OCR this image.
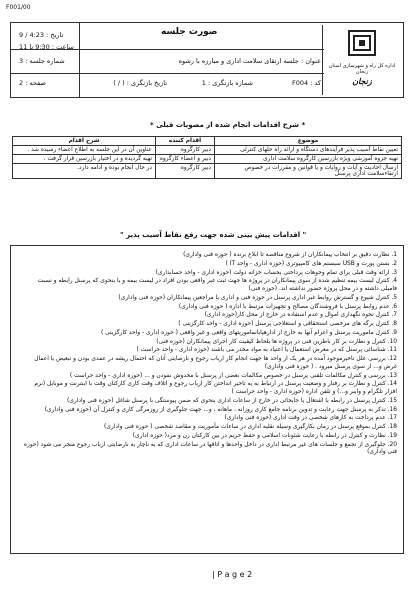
F001/00
اداره کل راه و شهرسازی استان زنجان
زنجان
صورت جلسه
تاریخ : 4:23 / 9
ساعت : 9:30 تا 11
شماره جلسه : 3
صفحه : 2
عنوان : جلسه ارتقای سلامت اداری و مبارزه با رشوه
کد : F004
شماره بازنگری : 1
تاریخ بازنگری : ( / )
* شرح اقدامات انجام شده از مصوبات قبلی *
موضوع	اقدام کننده	شرح اقدام
تعیین نقاط آسیب پذیر فرآیندهای دستگاه و ارائه راه حلهای کنترلی	دبیر کارگروه	عناوین آن در این جلسه به اطلاع اعضاء رسیده شد .
تهیه جزوه آموزشی ویژه بازرسین کارگروه سلامت اداری	دبیر و اعضاء کارگروه	تهیه گردیده و در اختیار بازرسین قرار گرفت .
ارسال احادیث و آیات و روایات و یا قوانین و مقررات در خصوص ارتقاءسلامت اداری پرسنل	دبیر کارگروه	در حال انجام بوده و ادامه دارد.
" اقدامات پیش بینی شده جهت رفع نقاط آسیب پذیر "
1. نظارت دقیق بر انتخاب پیمانکاران از شروع مناقصه تا ابلاغ برنده ( حوزه فنی واداری)
2. بستن پورت و USB سیستم های کامپیوتری (حوزه اداری - واحد IT )
3. ارائه وقت قبلی برای تمام وجوهات پرداختی بحساب خزانه دولت (حوزه اداری - واحد حسابداری)
4. کنترل لیست بیمه تنظیم شده از سوی پیمانکاران در پروژه ها جهت ثبت غیر واقعی بودن افراد در لیست بیمه و یا بنحوی که پرسنل رابطه و نسبت فامیلی داشته و در محل پروژه حضور نداشته اند. (حوزه فنی)
5. کنترل شیوع و گسترش روابط غیر اداری پرسنل در حوزه فنی و اداری با مراجعین پیمانکاران (حوزه فنی واداری)
6. عدم روابط پرسنل با فروشندگان مصالح و تجهیزات مرتبط با اداره ( حوزه فنی واداری)
7. کنترل نحوه نگهداری اموال و عدم استفاده در خارج از محل کار(حوزه اداری)
8. کنترل برگه های مرخصی استحقاقی و استعلاجی پرسنل (حوزه اداری - واحد کارگزینی )
9. کنترل ماموریت پرسنل و اعزام آنها به خارج از ادارهپایانماموریتهای واقعی و غیر واقعی ( حوزه اداری - واحد کارگزینی )
10. کنترل و نظارت بر کار ناظرین فنی در پروژه ها بلحاظ کیفیت کار اجرای پیمانکاران (حوزه فنی)
11. شناسائی پرسنل که در معرض استعمال یا اعتیاد به مواد مخدر می باشند (حوزه اداری - واحد حراست )
12. بررسی علل تاخیرموجود آمده در هر یک از واحد ها جهت انجام کار ارباب رجوع و نارضایتی آنان که احتمال ریشه در عمدی بودن و تبعیض یا اعمال غرض و... از سوی پرسنل میرود . ( حوزه فنی واداری)
13. بررسی و کنترل مکالمات تلفنی پرسنل در خصوص مکالمات بعضی از پرسنل با مخدوش نمودن و ... (حوزه اداری - واحد حراست )
14. کنترل و نظارت بر رفتار و وضعیت پرسنل در ارتباط به یه تاخیر انداختن کار ارباب رجوع و اتلاف وقت کاری کارکنان وقت با اینترنت و موبایل (نرم افزار تلگرام و وایبر و...) و تلفن اداره (حوزه اداری - واحد حراست )
15. کنترل پرسنل در رابطه با اشتغال یا جابجائی در خارج از ساعات اداری بنحوی که ضمن پیوستگی با پرسنل شاغل (حوزه فنی واداری)
16. تذکر به پرسنل جهت رعایت و تدوین برنامه جامع کاری روزانه ، ماهانه ، و... جهت جلوگیری از روزمرگی کاری و کنترل آن (حوزه فنی واداری)
17. عدم پرداخت به کارهای شخصی در وقت اداری (حوزه فنی واداری)
18. کنترل بموقع پرسنل در زمان بکارگیری وسیله نقلیه اداری در ساعات مأموریت و مقاصد شخصی ( حوزه فنی واداری)
19. نظارت و کنترل در رابطه با رعایت شئونات اسلامی و حفظ حریم در بین کارکنان زن و مرد( حوزه اداری)
20. جلوگیری از تجمع و جلسات های غیر مرتبط اداری در داخل واحدها و اتاقها در ساعات اداری که به ناچار به نارضایتی ارباب رجوع منجر می شود (حوزه فنی واداری)
| P a g e 2
